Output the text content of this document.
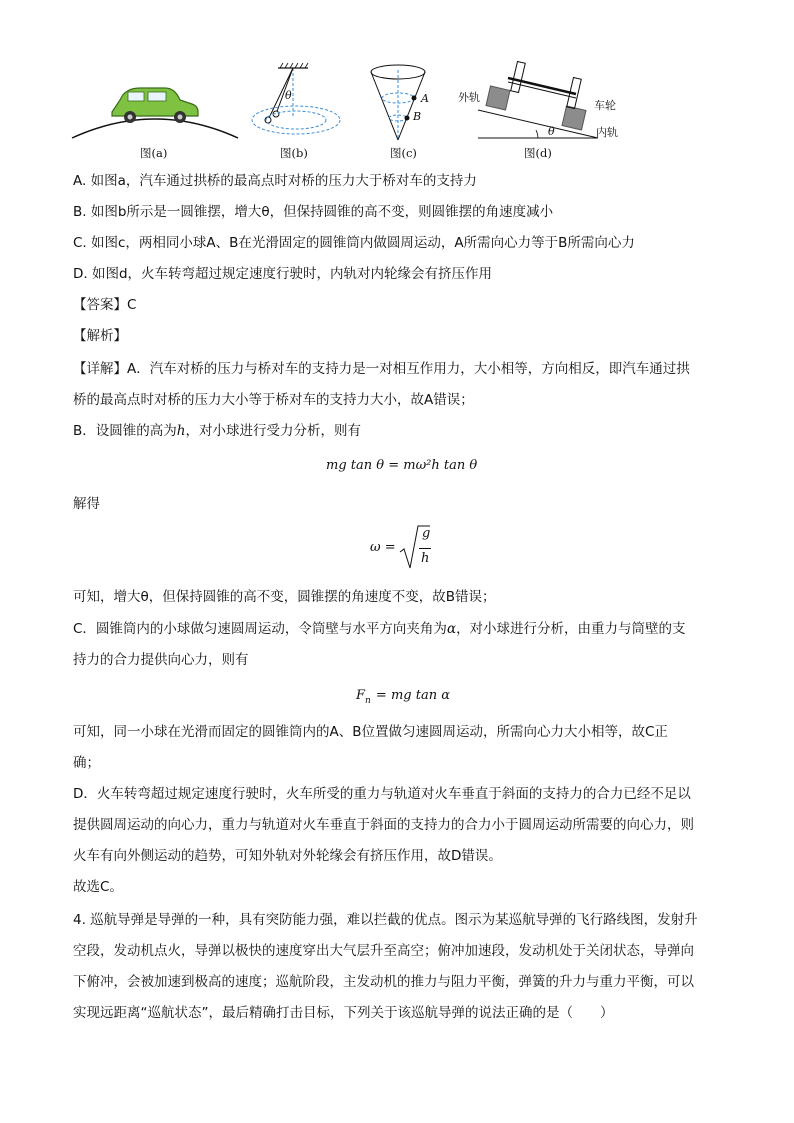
图(a)
θ
图(b)
A
B
图(c)
外轨
车轮
内轨
θ
图(d)
A. 如图a，汽车通过拱桥的最高点时对桥的压力大于桥对车的支持力
B. 如图b所示是一圆锥摆，增大θ，但保持圆锥的高不变，则圆锥摆的角速度减小
C. 如图c，两相同小球A、B在光滑固定的圆锥筒内做圆周运动，A所需向心力等于B所需向心力
D. 如图d，火车转弯超过规定速度行驶时，内轨对内轮缘会有挤压作用
【答案】C
【解析】
【详解】A．汽车对桥的压力与桥对车的支持力是一对相互作用力，大小相等，方向相反，即汽车通过拱
桥的最高点时对桥的压力大小等于桥对车的支持力大小，故A错误；
B．设圆锥的高为h，对小球进行受力分析，则有
mg tan θ = mω²h tan θ
解得
ω =
g
h
可知，增大θ，但保持圆锥的高不变，圆锥摆的角速度不变，故B错误；
C．圆锥筒内的小球做匀速圆周运动，令筒壁与水平方向夹角为α，对小球进行分析，由重力与筒壁的支
持力的合力提供向心力，则有
$F_n$ = mg tan α
可知，同一小球在光滑而固定的圆锥筒内的A、B位置做匀速圆周运动，所需向心力大小相等，故C正
确；
D．火车转弯超过规定速度行驶时，火车所受的重力与轨道对火车垂直于斜面的支持力的合力已经不足以
提供圆周运动的向心力，重力与轨道对火车垂直于斜面的支持力的合力小于圆周运动所需要的向心力，则
火车有向外侧运动的趋势，可知外轨对外轮缘会有挤压作用，故D错误。
故选C。
4. 巡航导弹是导弹的一种，具有突防能力强，难以拦截的优点。图示为某巡航导弹的飞行路线图，发射升
空段，发动机点火，导弹以极快的速度穿出大气层升至高空；俯冲加速段，发动机处于关闭状态，导弹向
下俯冲，会被加速到极高的速度；巡航阶段，主发动机的推力与阻力平衡，弹簧的升力与重力平衡，可以
实现远距离“巡航状态”，最后精确打击目标，下列关于该巡航导弹的说法正确的是（　　）
